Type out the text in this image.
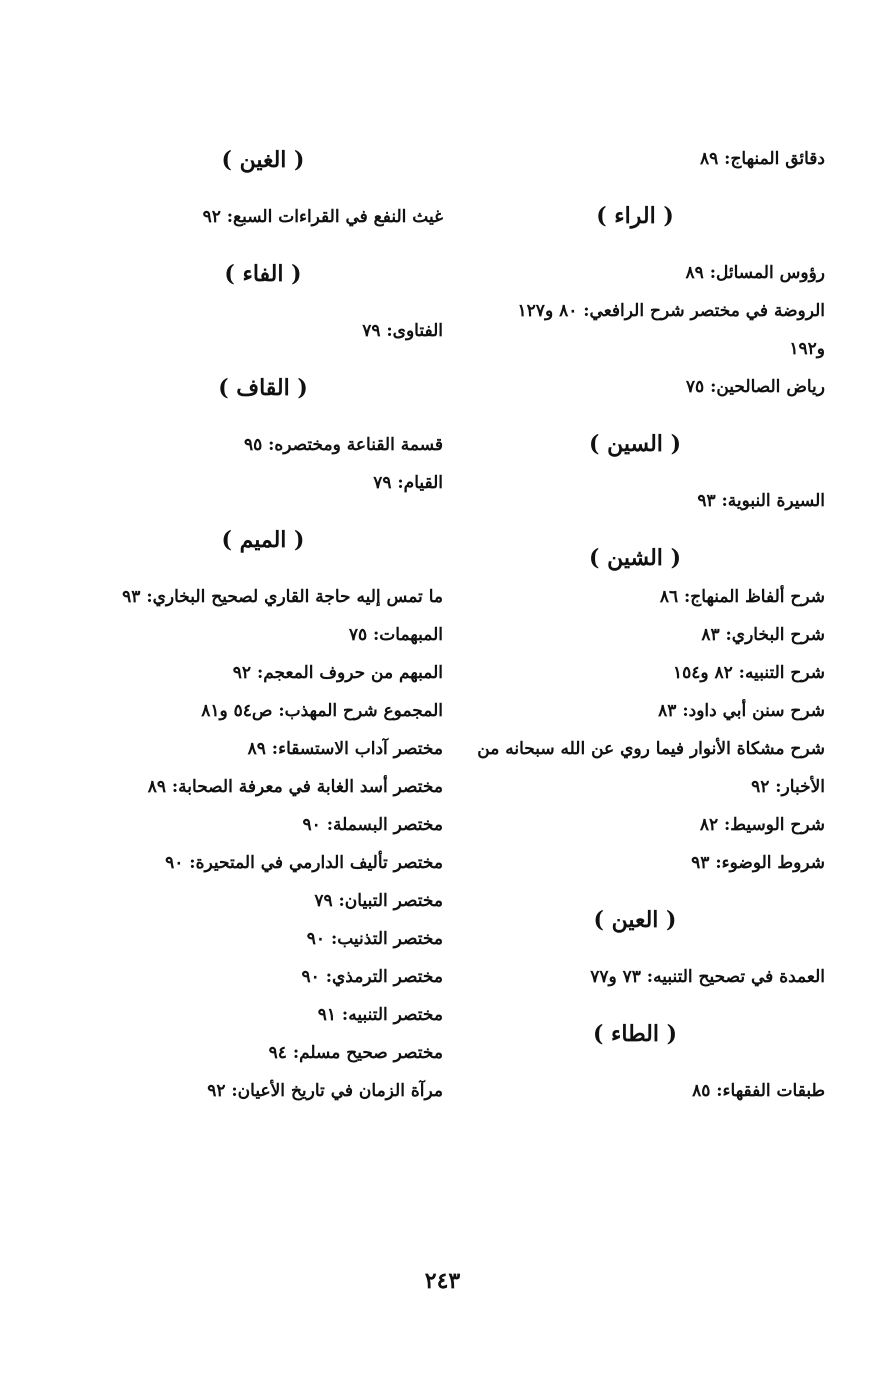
دقائق المنهاج: ٨٩

( الراء )

رؤوس المسائل: ٨٩

الروضة في مختصر شرح الرافعي: ٨٠ و١٢٧

و١٩٢

رياض الصالحين: ٧٥

( السين )

السيرة النبوية: ٩٣

( الشين )

شرح ألفاظ المنهاج: ٨٦

شرح البخاري: ٨٣

شرح التنبيه: ٨٢ و١٥٤

شرح سنن أبي داود: ٨٣

شرح مشكاة الأنوار فيما روي عن الله سبحانه من

الأخبار: ٩٢

شرح الوسيط: ٨٢

شروط الوضوء: ٩٣

( العين )

العمدة في تصحيح التنبيه: ٧٣ و٧٧

( الطاء )

طبقات الفقهاء: ٨٥

( الغين )

غيث النفع في القراءات السبع: ٩٢

( الفاء )

الفتاوى: ٧٩

( القاف )

قسمة القناعة ومختصره: ٩٥

القيام: ٧٩

( الميم )

ما تمس إليه حاجة القاري لصحيح البخاري: ٩٣

المبهمات: ٧٥

المبهم من حروف المعجم: ٩٢

المجموع شرح المهذب: ص٥٤ و٨١

مختصر آداب الاستسقاء: ٨٩

مختصر أسد الغابة في معرفة الصحابة: ٨٩

مختصر البسملة: ٩٠

مختصر تأليف الدارمي في المتحيرة: ٩٠

مختصر التبيان: ٧٩

مختصر التذنيب: ٩٠

مختصر الترمذي: ٩٠

مختصر التنبيه: ٩١

مختصر صحيح مسلم: ٩٤

مرآة الزمان في تاريخ الأعيان: ٩٢

٢٤٣
